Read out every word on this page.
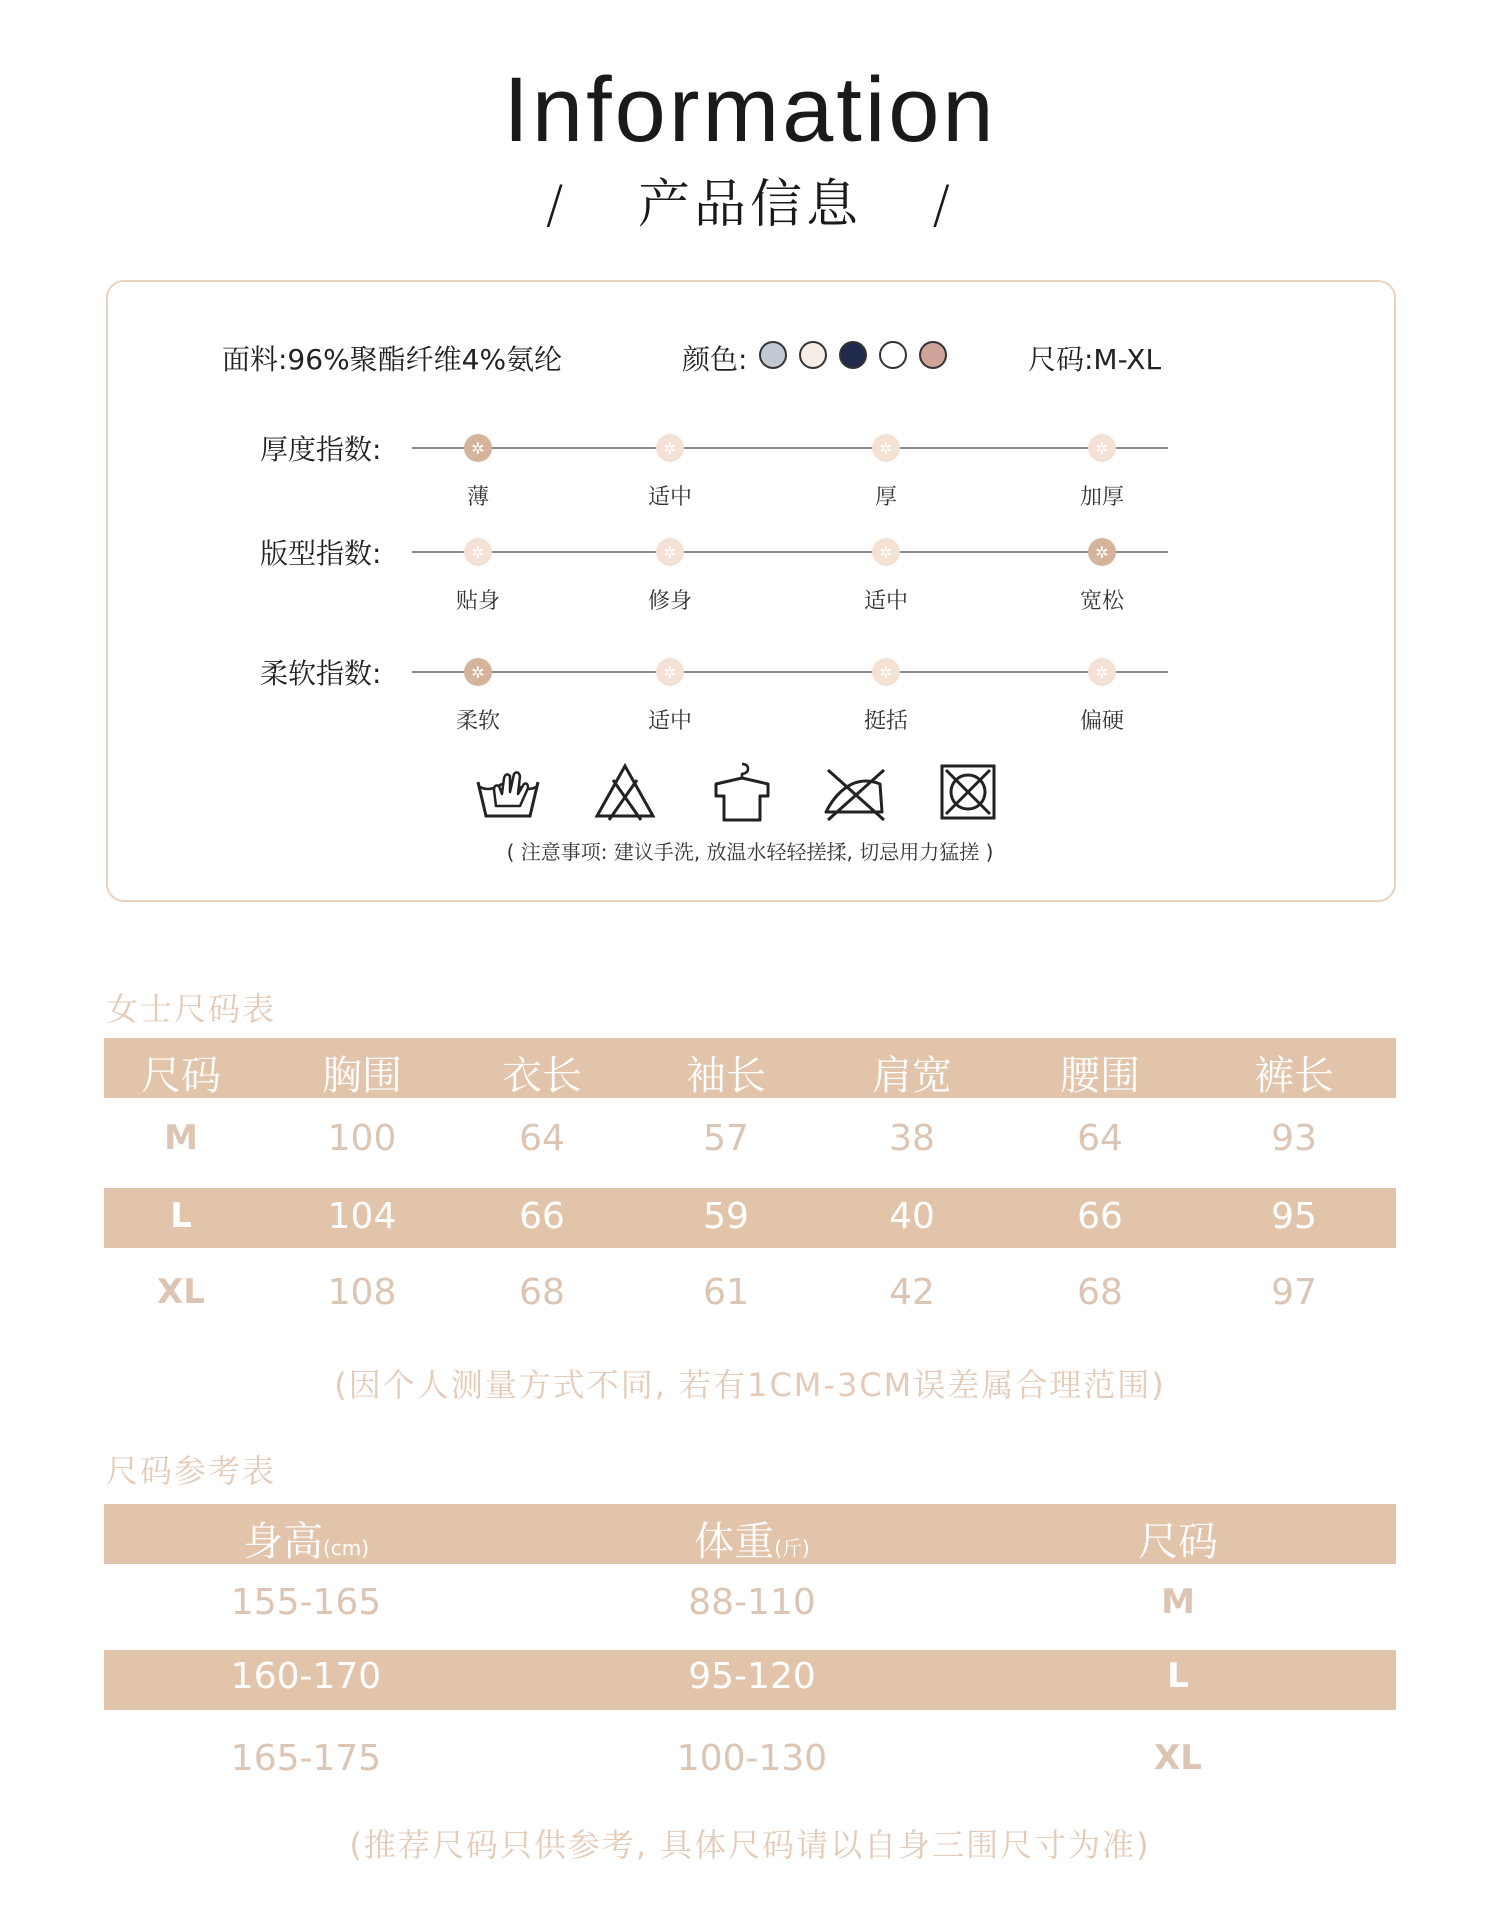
Information
/ 产品信息 /
面料:96%聚酯纤维4%氨纶	颜色:	尺码:M-XL
厚度指数:	✲
薄
✲
适中
✲
厚
✲
加厚
版型指数:	✲
贴身
✲
修身
✲
适中
✲
宽松
柔软指数:	✲
柔软
✲
适中
✲
挺括
✲
偏硬
( 注意事项: 建议手洗, 放温水轻轻搓揉, 切忌用力猛搓 )
女士尺码表
尺码	胸围	衣长	袖长	肩宽	腰围	裤长
M	100	64	57	38	64	93
L	104	66	59	40	66	95
XL	108	68	61	42	68	97
(因个人测量方式不同, 若有1CM-3CM误差属合理范围)
尺码参考表
身高(cm)	体重(斤)	尺码
155-165	88-110	M
160-170	95-120	L
165-175	100-130	XL
(推荐尺码只供参考, 具体尺码请以自身三围尺寸为准)
